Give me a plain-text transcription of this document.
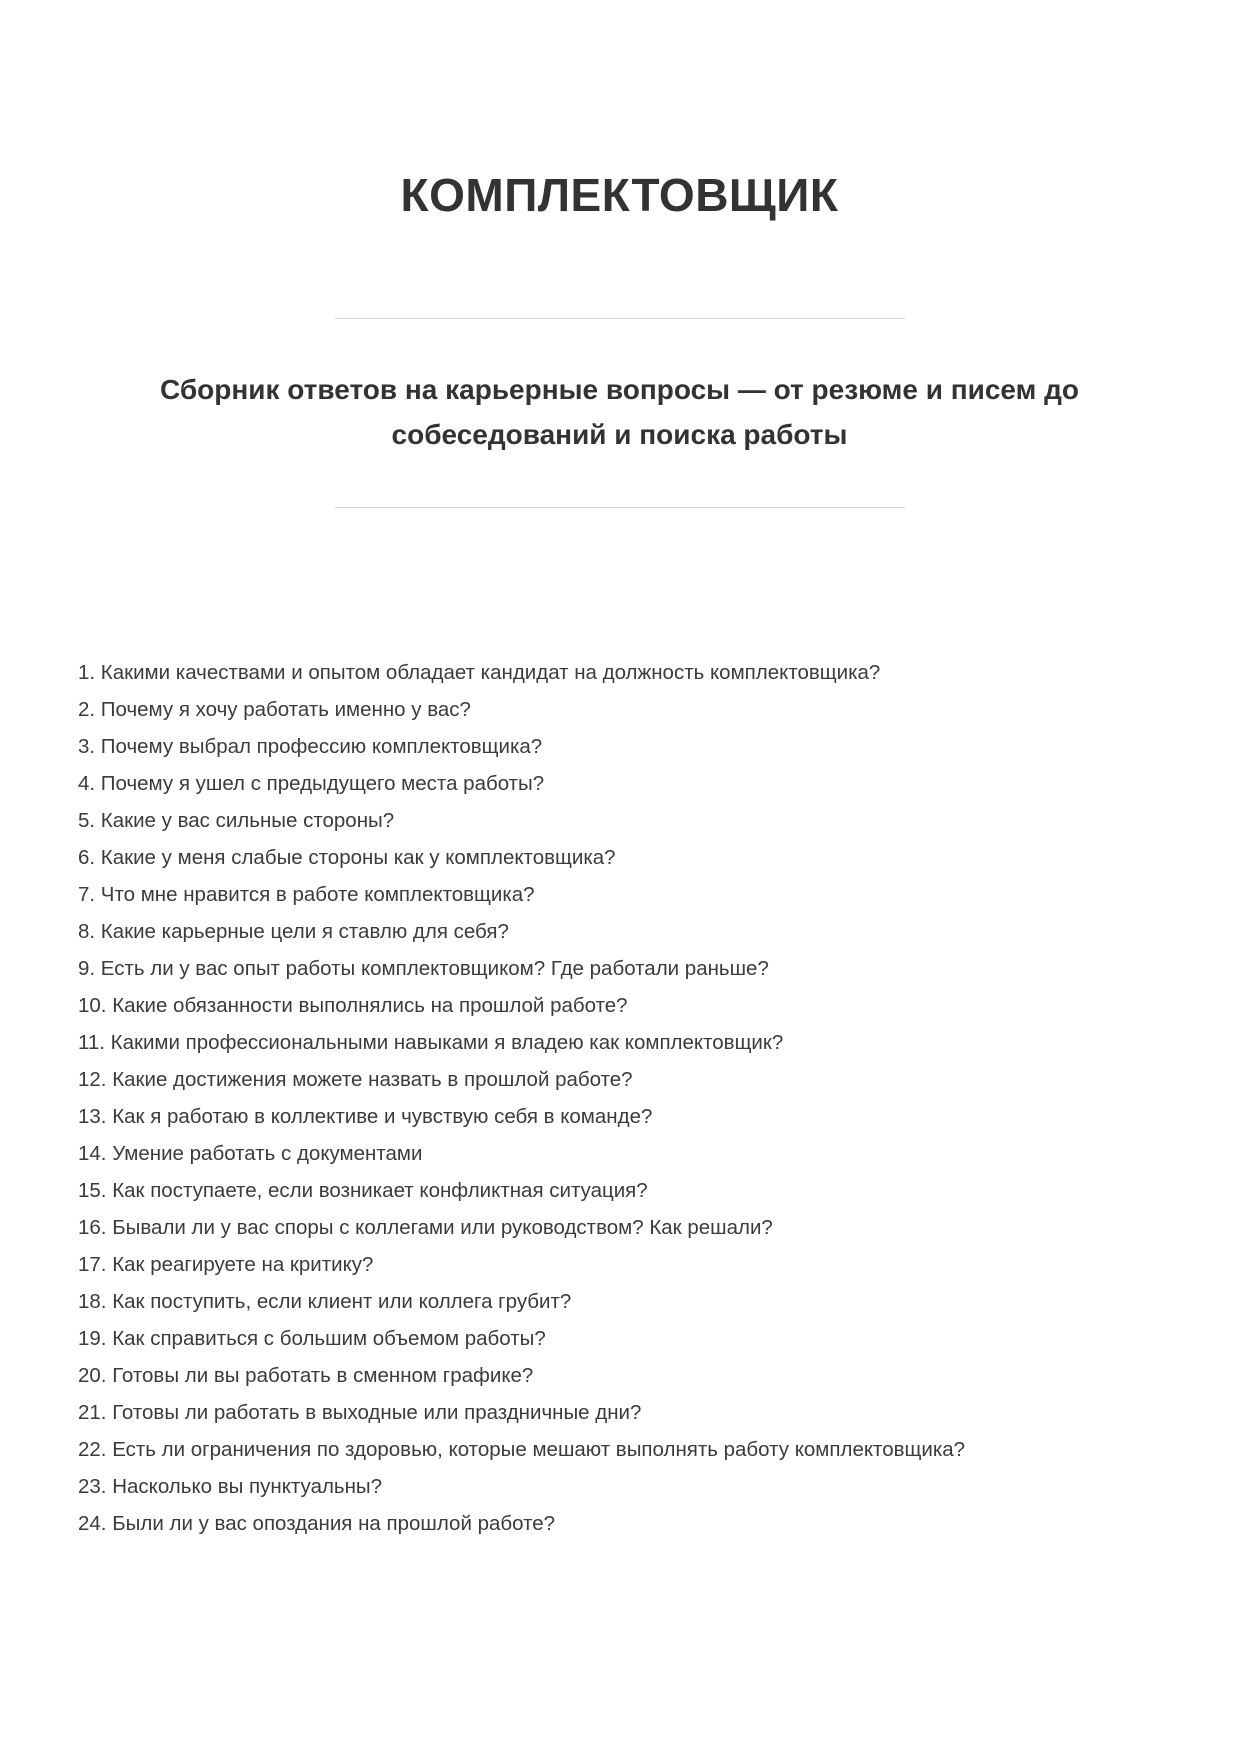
КОМПЛЕКТОВЩИК
Сборник ответов на карьерные вопросы — от резюме и писем до собеседований и поиска работы
1. Какими качествами и опытом обладает кандидат на должность комплектовщика?
2. Почему я хочу работать именно у вас?
3. Почему выбрал профессию комплектовщика?
4. Почему я ушел с предыдущего места работы?
5. Какие у вас сильные стороны?
6. Какие у меня слабые стороны как у комплектовщика?
7. Что мне нравится в работе комплектовщика?
8. Какие карьерные цели я ставлю для себя?
9. Есть ли у вас опыт работы комплектовщиком? Где работали раньше?
10. Какие обязанности выполнялись на прошлой работе?
11. Какими профессиональными навыками я владею как комплектовщик?
12. Какие достижения можете назвать в прошлой работе?
13. Как я работаю в коллективе и чувствую себя в команде?
14. Умение работать с документами
15. Как поступаете, если возникает конфликтная ситуация?
16. Бывали ли у вас споры с коллегами или руководством? Как решали?
17. Как реагируете на критику?
18. Как поступить, если клиент или коллега грубит?
19. Как справиться с большим объемом работы?
20. Готовы ли вы работать в сменном графике?
21. Готовы ли работать в выходные или праздничные дни?
22. Есть ли ограничения по здоровью, которые мешают выполнять работу комплектовщика?
23. Насколько вы пунктуальны?
24. Были ли у вас опоздания на прошлой работе?
